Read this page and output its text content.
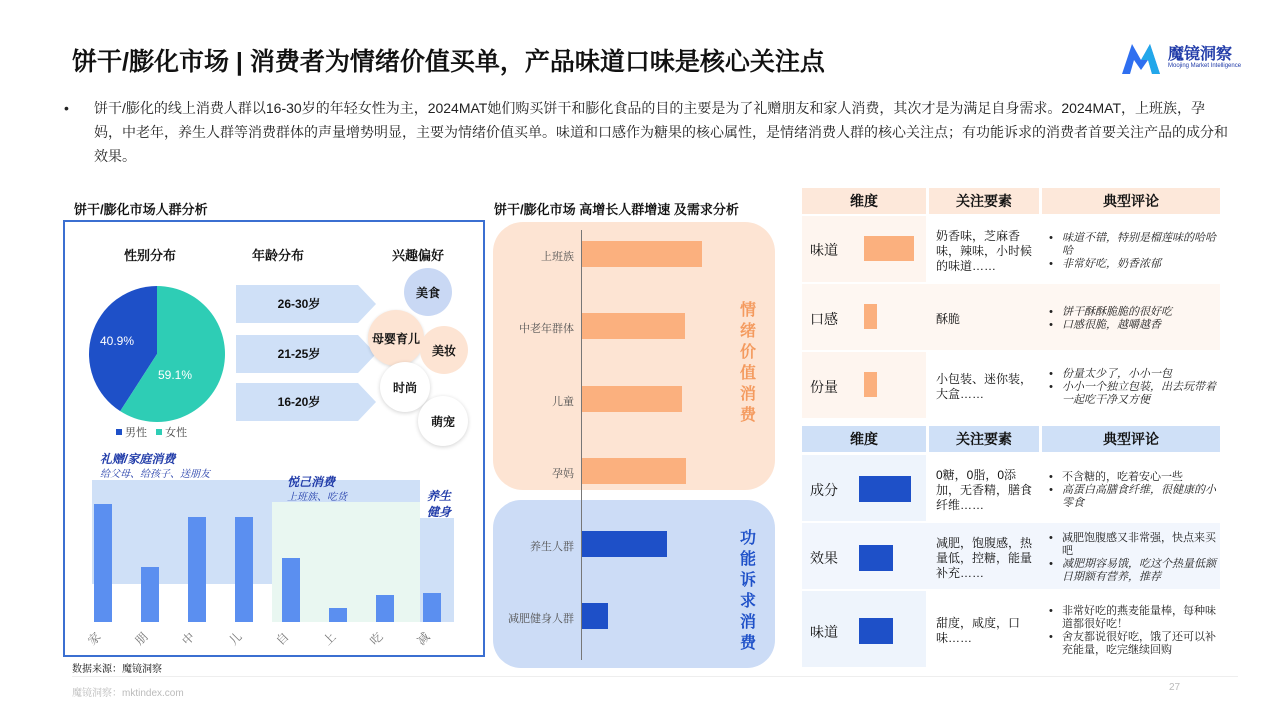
饼干/膨化市场 | 消费者为情绪价值买单，产品味道口味是核心关注点	魔镜洞察
Moojing Market Intelligence
• 饼干/膨化的线上消费人群以16-30岁的年轻女性为主，2024MAT她们购买饼干和膨化食品的目的主要是为了礼赠朋友和家人消费，其次才是为满足自身需求。2024MAT，上班族，孕妈，中老年，养生人群等消费群体的声量增势明显，主要为情绪价值买单。味道和口感作为糖果的核心属性，是情绪消费人群的核心关注点；有功能诉求的消费者首要关注产品的成分和效果。
饼干/膨化市场人群分析
性别分布	年龄分布	兴趣偏好
40.9%
59.1%
男性 女性
26-30岁
21-25岁
16-20岁
美食
母婴育儿
美妆
时尚
萌宠
礼赠/家庭消费
给父母、给孩子、送朋友
悦己消费
上班族、吃货	养生
健身
家 朋 中 儿 自 上 吃 减
数据来源：魔镜洞察
饼干/膨化市场 高增长人群增速 及需求分析
上班族
中老年群体
儿童
孕妈
养生人群
减肥健身人群
情
绪
价
值
消
费
功
能
诉
求
消
费
维度	关注要素	典型评论
味道
奶香味，芝麻香味，辣味，小时候的味道……
• 味道不错，特别是榴莲味的哈哈哈
• 非常好吃，奶香浓郁
口感	酥脆
•	饼干酥酥脆脆的很好吃
• 口感很脆，越嚼越香
份量	小包装、迷你装，大盒……
• 份量太少了，小小一包
• 小小一个独立包装，出去玩带着一起吃干净又方便
维度	关注要素	典型评论
成分
0糖，0脂，0添加，无香精，膳食纤维……
• 不含糖的，吃着安心一些
• 高蛋白高膳食纤维，很健康的小零食
效果
减肥，饱腹感，热量低，控糖，能量补充……
• 减肥饱腹感又非常强，快点来买吧
• 减肥期容易饿，吃这个热量低额日期额有营养，推荐
味道
甜度，咸度，口味……
• 非常好吃的燕麦能量棒，每种味道都很好吃！
• 舍友都说很好吃，饿了还可以补充能量，吃完继续回购
魔镜洞察：mktindex.com
27
